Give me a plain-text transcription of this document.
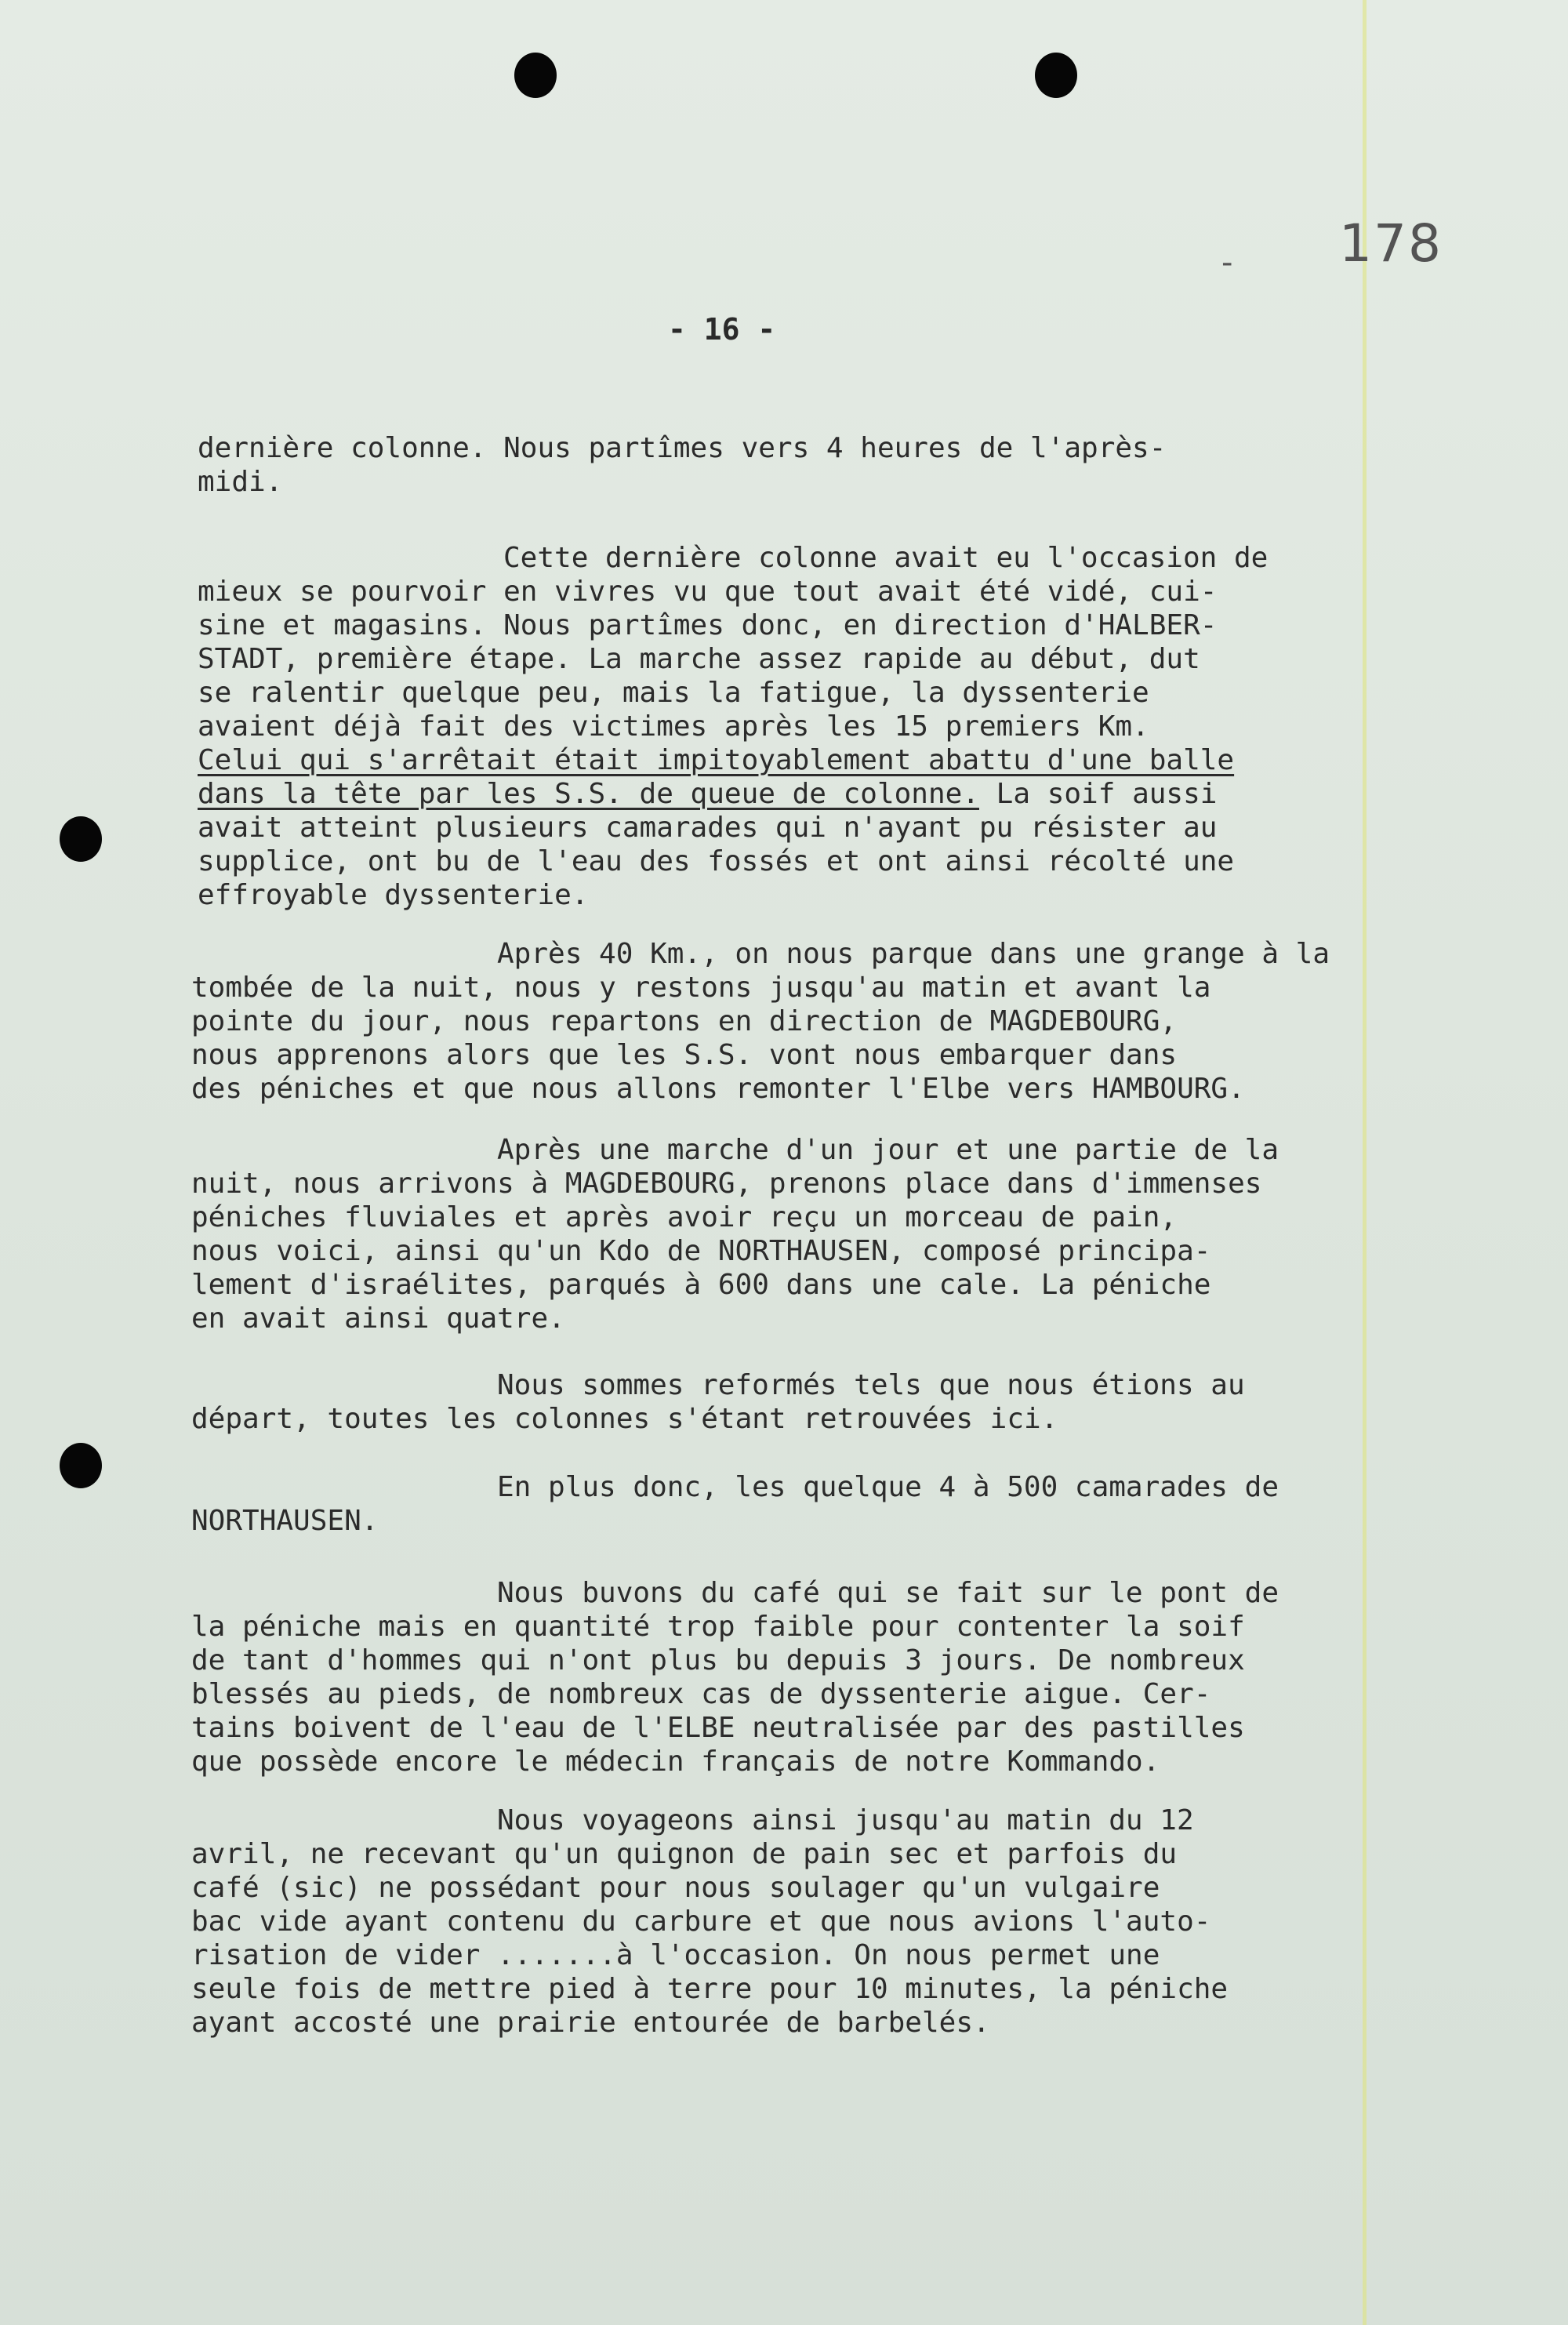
- 178
- 16 -
dernière colonne. Nous partîmes vers 4 heures de l'après-
midi.
Cette dernière colonne avait eu l'occasion de
mieux se pourvoir en vivres vu que tout avait été vidé, cui-
sine et magasins. Nous partîmes donc, en direction d'HALBER-
STADT, première étape. La marche assez rapide au début, dut
se ralentir quelque peu, mais la fatigue, la dyssenterie
avaient déjà fait des victimes après les 15 premiers Km.
Celui qui s'arrêtait était impitoyablement abattu d'une balle
dans la tête par les S.S. de queue de colonne. La soif aussi
avait atteint plusieurs camarades qui n'ayant pu résister au
supplice, ont bu de l'eau des fossés et ont ainsi récolté une
effroyable dyssenterie.
Après 40 Km., on nous parque dans une grange à la
tombée de la nuit, nous y restons jusqu'au matin et avant la
pointe du jour, nous repartons en direction de MAGDEBOURG,
nous apprenons alors que les S.S. vont nous embarquer dans
des péniches et que nous allons remonter l'Elbe vers HAMBOURG.
Après une marche d'un jour et une partie de la
nuit, nous arrivons à MAGDEBOURG, prenons place dans d'immenses
péniches fluviales et après avoir reçu un morceau de pain,
nous voici, ainsi qu'un Kdo de NORTHAUSEN, composé principa-
lement d'israélites, parqués à 600 dans une cale. La péniche
en avait ainsi quatre.
Nous sommes reformés tels que nous étions au
départ, toutes les colonnes s'étant retrouvées ici.
En plus donc, les quelque 4 à 500 camarades de
NORTHAUSEN.
Nous buvons du café qui se fait sur le pont de
la péniche mais en quantité trop faible pour contenter la soif
de tant d'hommes qui n'ont plus bu depuis 3 jours. De nombreux
blessés au pieds, de nombreux cas de dyssenterie aigue. Cer-
tains boivent de l'eau de l'ELBE neutralisée par des pastilles
que possède encore le médecin français de notre Kommando.
Nous voyageons ainsi jusqu'au matin du 12
avril, ne recevant qu'un quignon de pain sec et parfois du
café (sic) ne possédant pour nous soulager qu'un vulgaire
bac vide ayant contenu du carbure et que nous avions l'auto-
risation de vider .......à l'occasion. On nous permet une
seule fois de mettre pied à terre pour 10 minutes, la péniche
ayant accosté une prairie entourée de barbelés.
